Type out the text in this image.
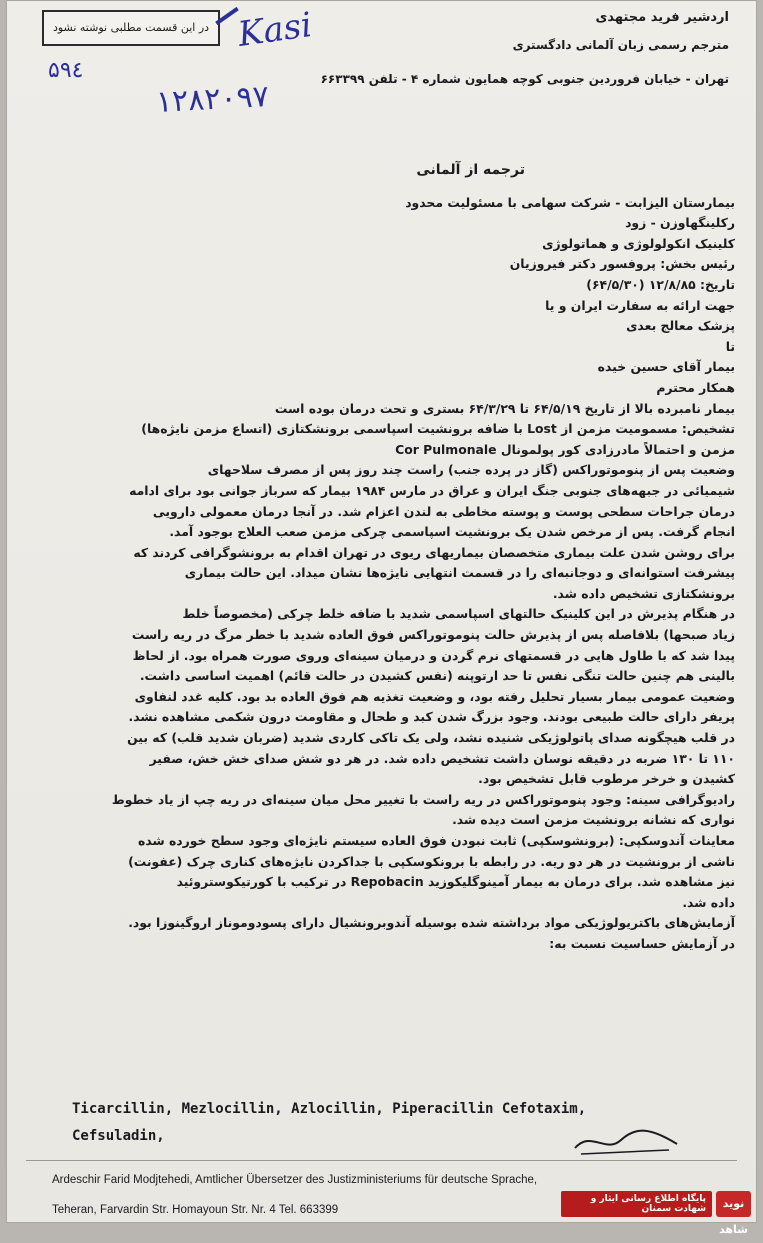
در این قسمت مطلبی نوشته نشود Kasi
۵۹٤
۱۲۸۲۰۹۷
اردشیر فرید مجتهدی
مترجم رسمی زبان آلمانی دادگستری
تهران - خیابان فروردین جنوبی کوچه همایون شماره ۴ - تلفن ۶۶۳۳۹۹
ترجمه از آلمانی
بیمارستان الیزابت - شرکت سهامی با مسئولیت محدود
رکلینگهاوزن - زود
کلینیک انکولولوژی و هماتولوژی
رئیس بخش: پروفسور دکتر فیروزیان
تاریخ: ۱۲/۸/۸۵ (۶۴/۵/۳۰)
جهت ارائه به سفارت ایران و یا
پزشک معالج بعدی
تا
بیمار آقای حسین خیده
همکار محترم
بیمار نامبرده بالا از تاریخ ۶۴/۵/۱۹ تا ۶۴/۳/۲۹ بستری و تحت درمان بوده است
تشخیص: مسمومیت مزمن از Lost با ضافه برونشیت اسپاسمی برونشکتازی (اتساع مزمن نایژه‌ها)
مزمن و احتمالاً مادرزادی کور پولمونال Cor Pulmonale
وضعیت پس از پنوموتوراکس (گاز در پرده جنب) راست چند روز پس از مصرف سلاحهای
شیمیائی در جبهه‌های جنوبی جنگ ایران و عراق در مارس ۱۹۸۴ بیمار که سرباز جوانی بود برای ادامه
درمان جراحات سطحی پوست و پوسته مخاطی به لندن اعزام شد. در آنجا درمان معمولی دارویی
انجام گرفت. پس از مرخص شدن یک برونشیت اسپاسمی چرکی مزمن صعب العلاج بوجود آمد.
برای روشن شدن علت بیماری متخصصان بیماریهای ریوی در تهران اقدام به برونشوگرافی کردند که
پیشرفت استوانه‌ای و دوجانبه‌ای را در قسمت انتهایی نایژه‌ها نشان میداد. این حالت بیماری
برونشکتازی تشخیص داده شد.
در هنگام پذیرش در این کلینیک حالتهای اسپاسمی شدید با ضافه خلط چرکی (مخصوصاً خلط
زیاد صبحها) بلافاصله پس از پذیرش حالت پنوموتوراکس فوق العاده شدید با خطر مرگ در ریه راست
پیدا شد که با طاول هایی در قسمتهای نرم گردن و درمیان سینه‌ای وروی صورت همراه بود. از لحاظ
بالینی هم چنین حالت تنگی نفس تا حد ارتوپنه (نفس کشیدن در حالت قائم) اهمیت اساسی داشت.
وضعیت عمومی بیمار بسیار تحلیل رفته بود، و وضعیت تغذیه هم فوق العاده بد بود. کلیه غدد لنفاوی
پریفر دارای حالت طبیعی بودند. وجود بزرگ شدن کبد و طحال و مقاومت درون شکمی مشاهده نشد.
در قلب هیچگونه صدای پاتولوژیکی شنیده نشد، ولی یک تاکی کاردی شدید (ضربان شدید قلب) که بین
۱۱۰ تا ۱۳۰ ضربه در دقیقه نوسان داشت تشخیص داده شد. در هر دو شش صدای خش خش، صفیر
کشیدن و خرخر مرطوب قابل تشخیص بود.
رادیوگرافی سینه: وجود پنوموتوراکس در ریه راست با تغییر محل میان سینه‌ای در ریه چپ از یاد خطوط
نواری که نشانه برونشیت مزمن است دیده شد.
معاینات آندوسکپی: (برونشوسکپی) ثابت نبودن فوق العاده سیستم نایژه‌ای وجود سطح خورده شده
ناشی از برونشیت در هر دو ریه. در رابطه با برونکوسکپی با جداکردن نایژه‌های کناری چرک (عفونت)
نیز مشاهده شد. برای درمان به بیمار آمینوگلیکوزید Repobacin در ترکیب با کورتیکوستروئید
داده شد.
آزمایش‌های باکتریولوژیکی مواد برداشته شده بوسیله آندوبرونشیال دارای پسودوموناز اروگینوزا بود.
در آزمایش حساسیت نسبت به:
Ticarcillin, Mezlocillin, Azlocillin, Piperacillin Cefotaxim,
Cefsuladin,
Ardeschir Farid Modjtehedi, Amtlicher Übersetzer des Justizministeriums für deutsche Sprache,
Teheran, Farvardin Str. Homayoun Str. Nr. 4 Tel. 663399
پایگاه اطلاع رسانی ایثار و شهادت سمنان	نوید شاهد
